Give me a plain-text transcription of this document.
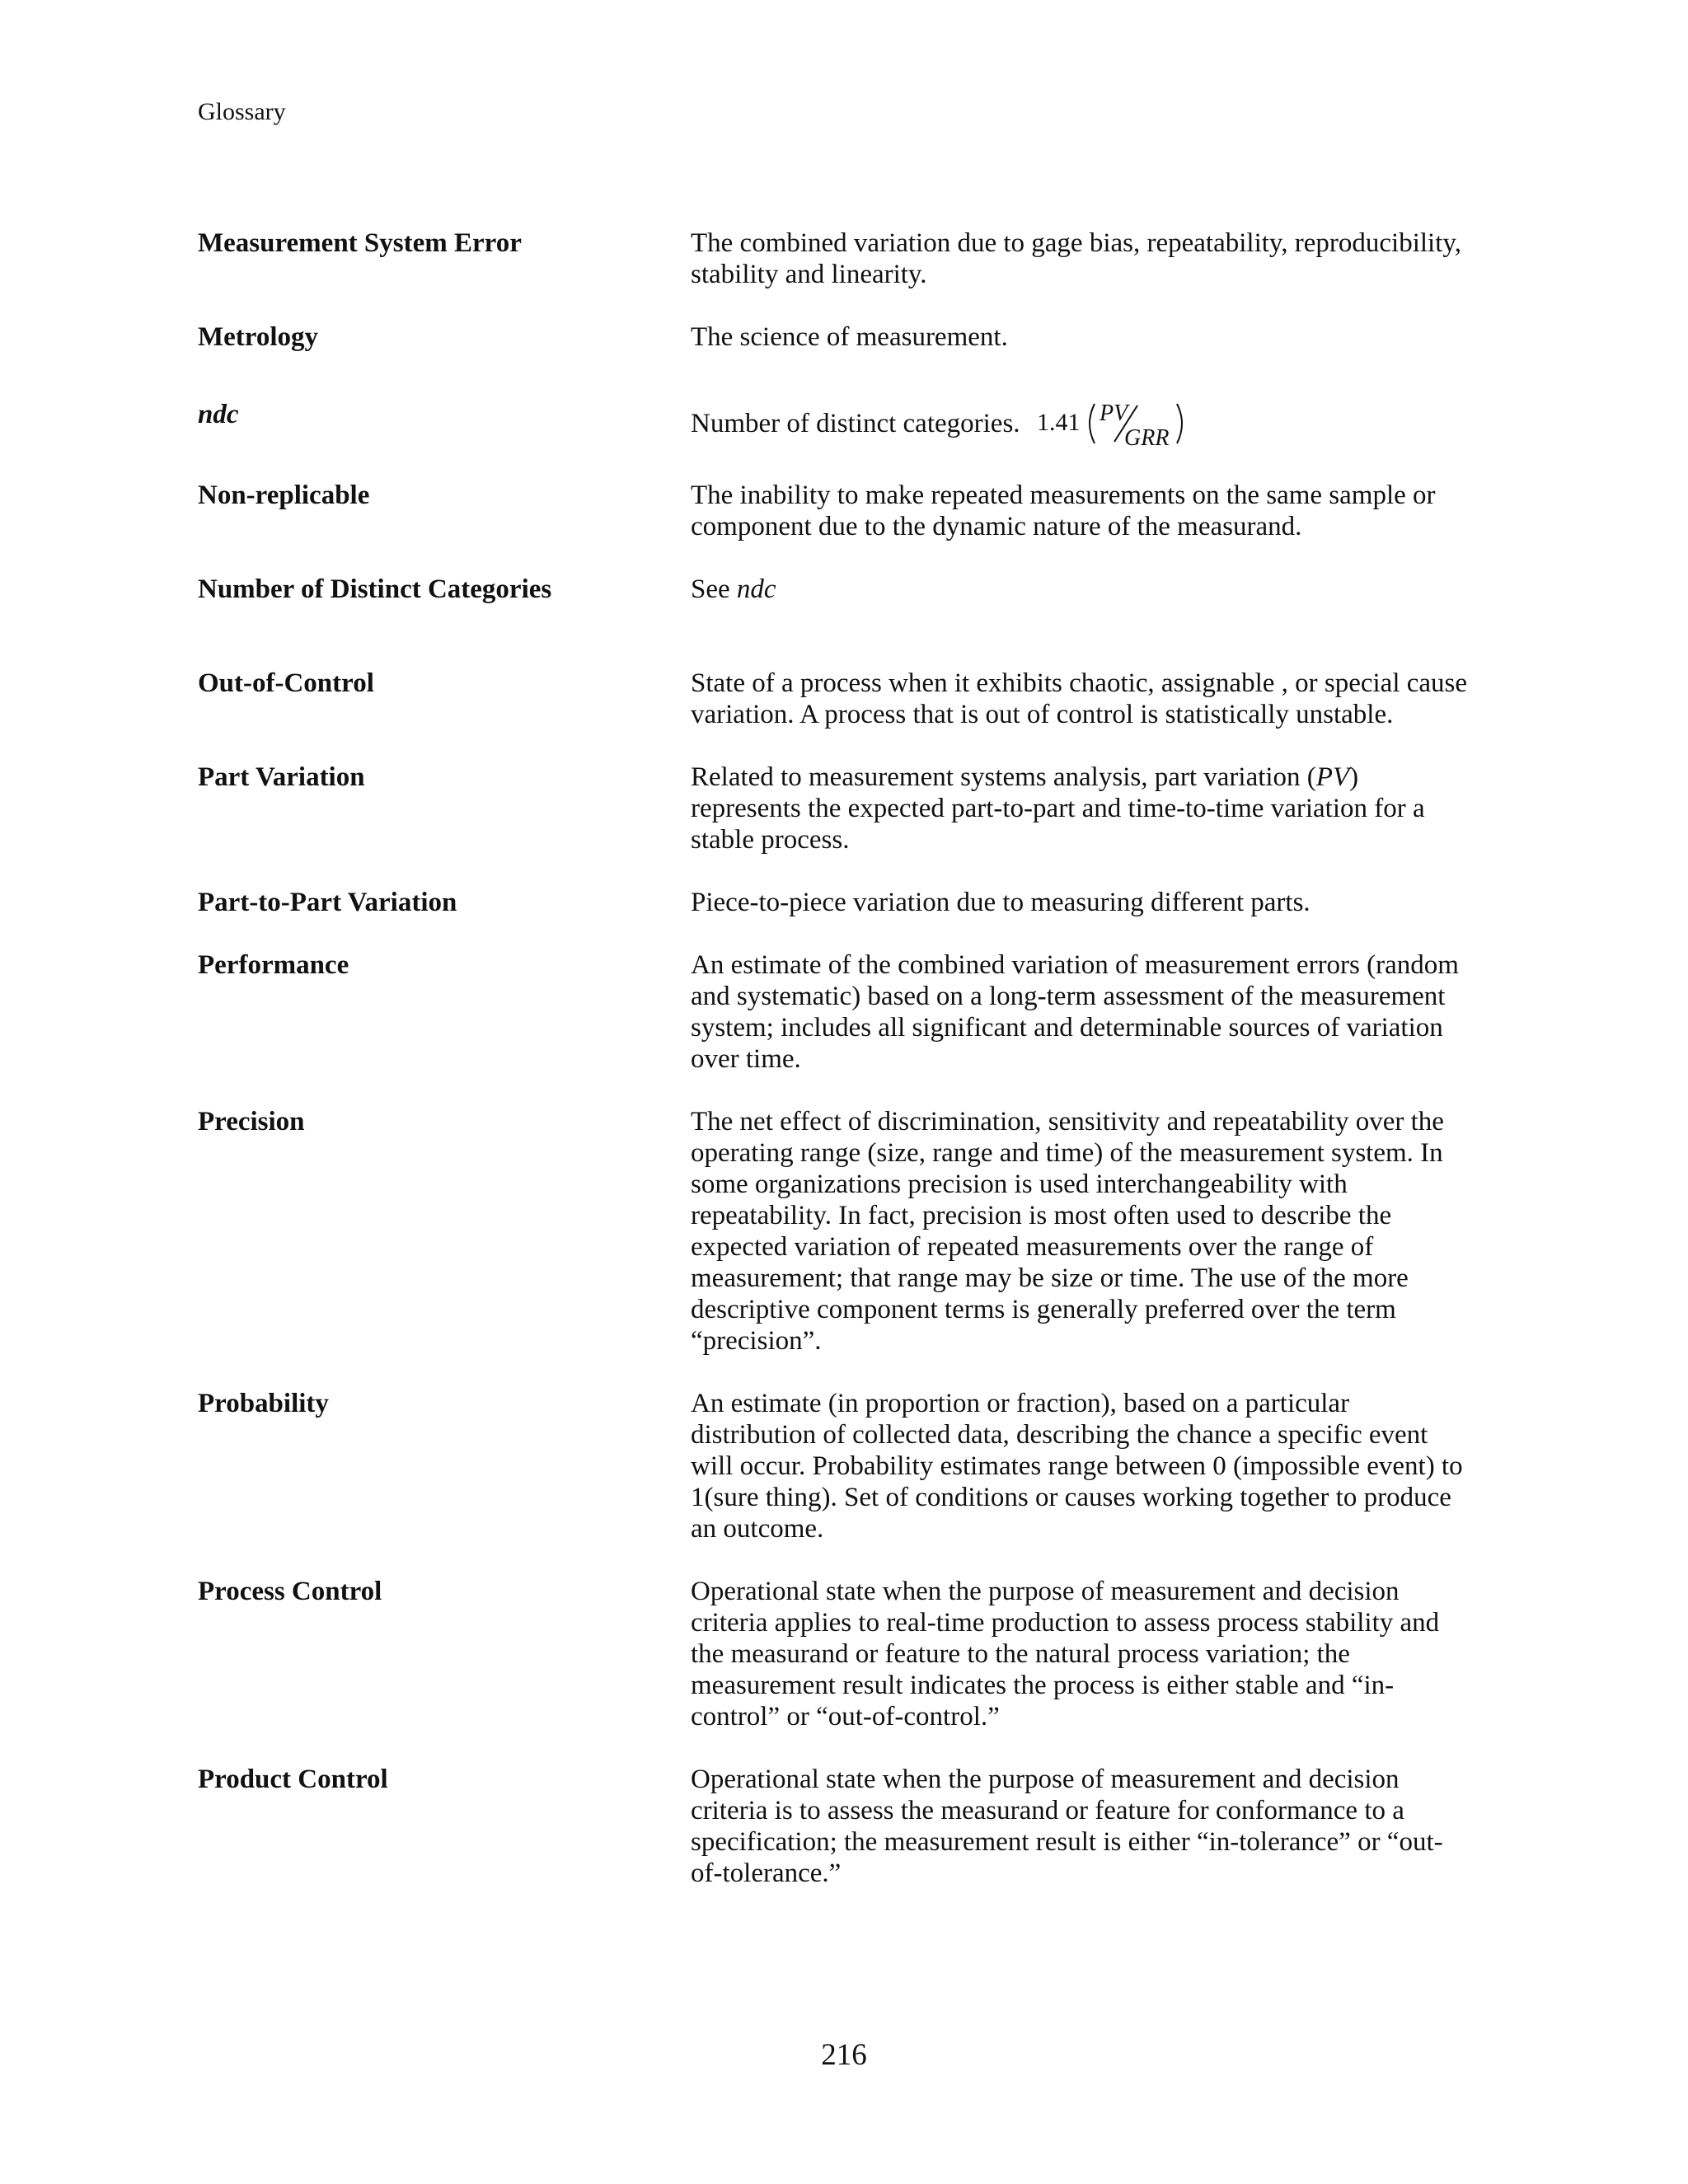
Glossary
Measurement System Error	The combined variation due to gage bias, repeatability, reproducibility,
stability and linearity.
Metrology	The science of measurement.
ndc	Number of distinct categories. 1.41 PV
GRR
Non-replicable	The inability to make repeated measurements on the same sample or
component due to the dynamic nature of the measurand.
Number of Distinct Categories	See ndc
Out-of-Control	State of a process when it exhibits chaotic, assignable , or special cause
variation. A process that is out of control is statistically unstable.
Part Variation	Related to measurement systems analysis, part variation (PV)
represents the expected part-to-part and time-to-time variation for a
stable process.
Part-to-Part Variation	Piece-to-piece variation due to measuring different parts.
Performance	An estimate of the combined variation of measurement errors (random
and systematic) based on a long-term assessment of the measurement
system; includes all significant and determinable sources of variation
over time.
Precision	The net effect of discrimination, sensitivity and repeatability over the
operating range (size, range and time) of the measurement system. In
some organizations precision is used interchangeability with
repeatability. In fact, precision is most often used to describe the
expected variation of repeated measurements over the range of
measurement; that range may be size or time. The use of the more
descriptive component terms is generally preferred over the term
“precision”.
Probability	An estimate (in proportion or fraction), based on a particular
distribution of collected data, describing the chance a specific event
will occur. Probability estimates range between 0 (impossible event) to
1(sure thing). Set of conditions or causes working together to produce
an outcome.
Process Control	Operational state when the purpose of measurement and decision
criteria applies to real-time production to assess process stability and
the measurand or feature to the natural process variation; the
measurement result indicates the process is either stable and “in-
control” or “out-of-control.”
Product Control	Operational state when the purpose of measurement and decision
criteria is to assess the measurand or feature for conformance to a
specification; the measurement result is either “in-tolerance” or “out-
of-tolerance.”
216
